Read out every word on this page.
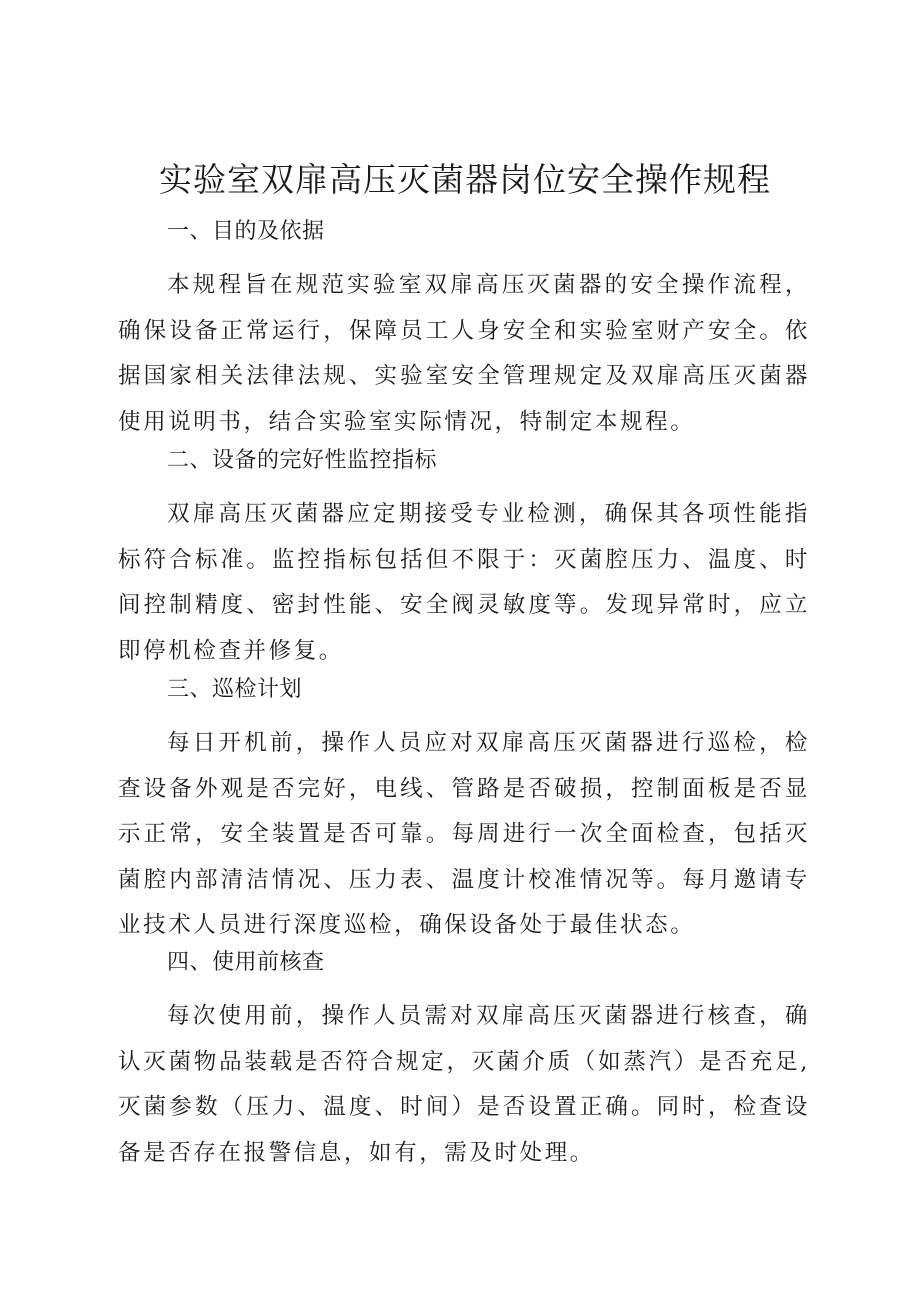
实验室双扉高压灭菌器岗位安全操作规程
一、目的及依据

本规程旨在规范实验室双扉高压灭菌器的安全操作流程，确保设备正常运行，保障员工人身安全和实验室财产安全。依据国家相关法律法规、实验室安全管理规定及双扉高压灭菌器使用说明书，结合实验室实际情况，特制定本规程。

二、设备的完好性监控指标

双扉高压灭菌器应定期接受专业检测，确保其各项性能指标符合标准。监控指标包括但不限于：灭菌腔压力、温度、时间控制精度、密封性能、安全阀灵敏度等。发现异常时，应立即停机检查并修复。

三、巡检计划

每日开机前，操作人员应对双扉高压灭菌器进行巡检，检查设备外观是否完好，电线、管路是否破损，控制面板是否显示正常，安全装置是否可靠。每周进行一次全面检查，包括灭菌腔内部清洁情况、压力表、温度计校准情况等。每月邀请专业技术人员进行深度巡检，确保设备处于最佳状态。

四、使用前核查

每次使用前，操作人员需对双扉高压灭菌器进行核查，确认灭菌物品装载是否符合规定，灭菌介质（如蒸汽）是否充足,灭菌参数（压力、温度、时间）是否设置正确。同时，检查设备是否存在报警信息，如有，需及时处理。
